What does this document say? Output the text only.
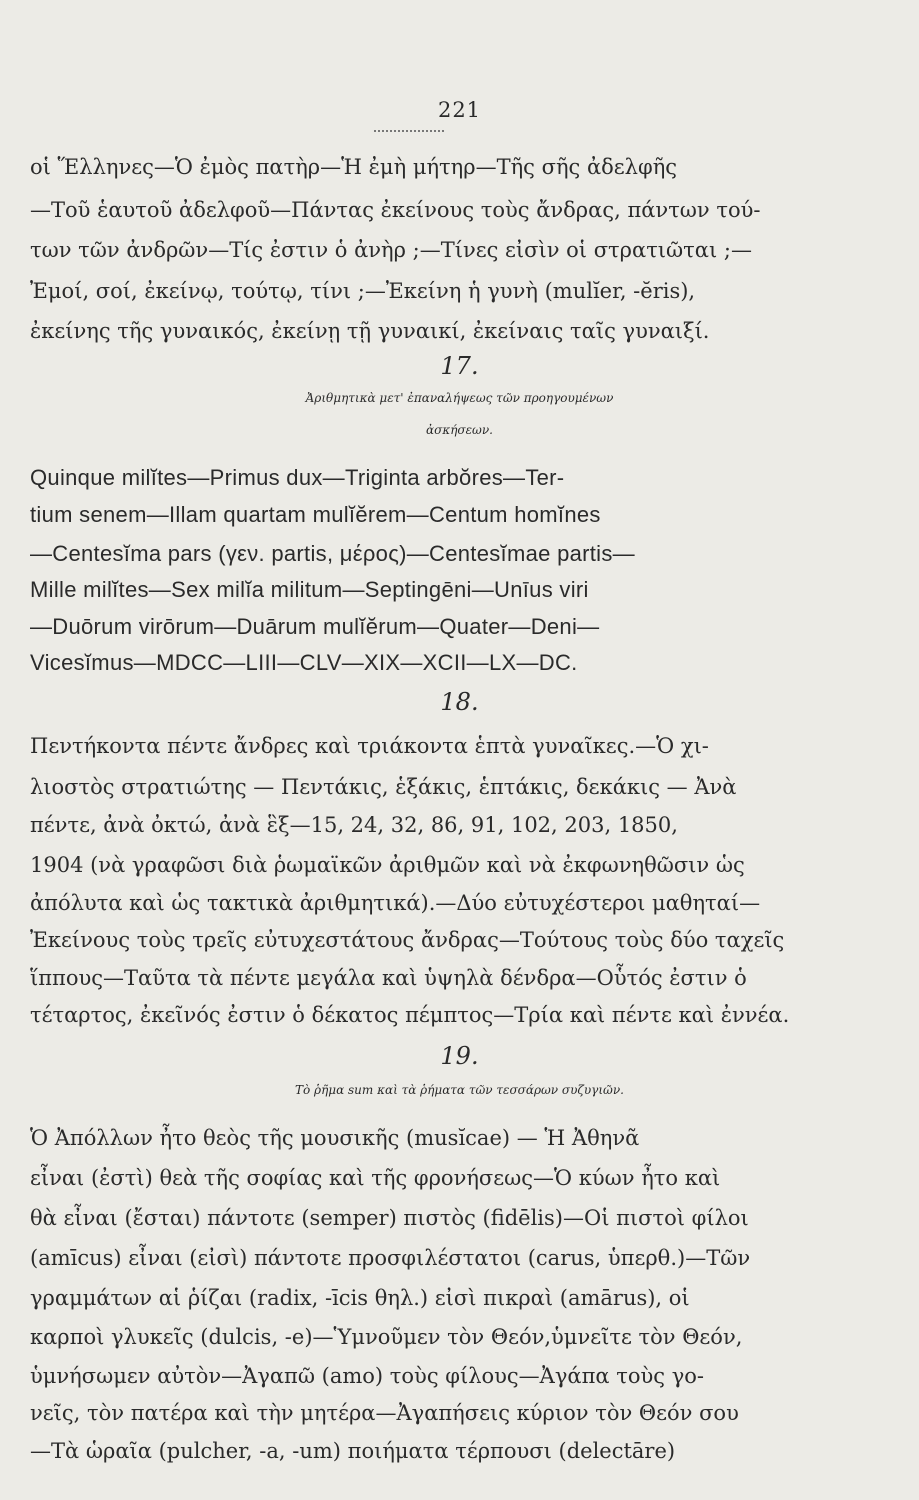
221
οἱ Ἕλληνες—Ὁ ἐμὸς πατὴρ—Ἡ ἐμὴ μήτηρ—Τῆς σῆς ἀδελφῆς
—Τοῦ ἑαυτοῦ ἀδελφοῦ—Πάντας ἐκείνους τοὺς ἄνδρας, πάντων τού-
των τῶν ἀνδρῶν—Τίς ἐστιν ὁ ἀνὴρ ;—Τίνες εἰσὶν οἱ στρατιῶται ;—
Ἐμοί, σοί, ἐκείνῳ, τούτῳ, τίνι ;—Ἐκείνη ἡ γυνὴ (mulĭer, -ĕris),
ἐκείνης τῆς γυναικός, ἐκείνῃ τῇ γυναικί, ἐκείναις ταῖς γυναιξί.
17.
Ἀριθμητικὰ μετ' ἐπαναλήψεως τῶν προηγουμένων
ἀσκήσεων.
Quinque milĭtes—Primus dux—Triginta arbŏres—Ter-
tium senem—Illam quartam mulĭĕrem—Centum homĭnes
—Centesĭma pars (γεν. partis, μέρος)—Centesĭmae partis—
Mille milĭtes—Sex milĭa militum—Septingēni—Unīus viri
—Duōrum virōrum—Duārum mulĭĕrum—Quater—Deni—
Vicesĭmus—MDCC—LIII—CLV—XIX—XCII—LX—DC.
18.
Πεντήκοντα πέντε ἄνδρες καὶ τριάκοντα ἑπτὰ γυναῖκες.—Ὁ χι-
λιοστὸς στρατιώτης — Πεντάκις, ἑξάκις, ἑπτάκις, δεκάκις — Ἀνὰ
πέντε, ἀνὰ ὀκτώ, ἀνὰ ἓξ—15, 24, 32, 86, 91, 102, 203, 1850,
1904 (νὰ γραφῶσι διὰ ῥωμαϊκῶν ἀριθμῶν καὶ νὰ ἐκφωνηθῶσιν ὡς
ἀπόλυτα καὶ ὡς τακτικὰ ἀριθμητικά).—Δύο εὐτυχέστεροι μαθηταί—
Ἐκείνους τοὺς τρεῖς εὐτυχεστάτους ἄνδρας—Τούτους τοὺς δύο ταχεῖς
ἵππους—Ταῦτα τὰ πέντε μεγάλα καὶ ὑψηλὰ δένδρα—Οὗτός ἐστιν ὁ
τέταρτος, ἐκεῖνός ἐστιν ὁ δέκατος πέμπτος—Τρία καὶ πέντε καὶ ἐννέα.
19.
Τὸ ῥῆμα sum καὶ τὰ ῥήματα τῶν τεσσάρων συζυγιῶν.
Ὁ Ἀπόλλων ἦτο θεὸς τῆς μουσικῆς (musĭcae) — Ἡ Ἀθηνᾶ
εἶναι (ἐστὶ) θεὰ τῆς σοφίας καὶ τῆς φρονήσεως—Ὁ κύων ἦτο καὶ
θὰ εἶναι (ἔσται) πάντοτε (semper) πιστὸς (fidēlis)—Οἱ πιστοὶ φίλοι
(amīcus) εἶναι (εἰσὶ) πάντοτε προσφιλέστατοι (carus, ὑπερθ.)—Τῶν
γραμμάτων αἱ ῥίζαι (radix, -īcis θηλ.) εἰσὶ πικραὶ (amārus), οἱ
καρποὶ γλυκεῖς (dulcis, -e)—Ὑμνοῦμεν τὸν Θεόν,ὑμνεῖτε τὸν Θεόν,
ὑμνήσωμεν αὐτὸν—Ἀγαπῶ (amo) τοὺς φίλους—Ἀγάπα τοὺς γο-
νεῖς, τὸν πατέρα καὶ τὴν μητέρα—Ἀγαπήσεις κύριον τὸν Θεόν σου
—Τὰ ὡραῖα (pulcher, -a, -um) ποιήματα τέρπουσι (delectāre)
